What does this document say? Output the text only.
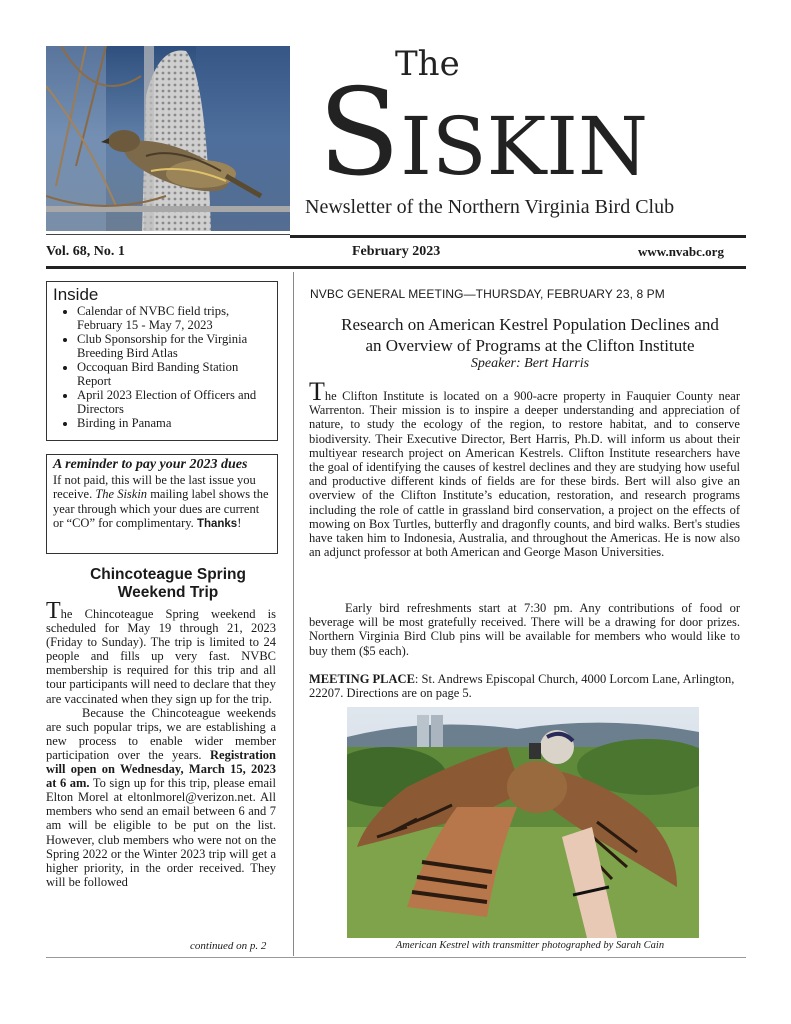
The
SISKIN
Newsletter of the Northern Virginia Bird Club
Vol. 68, No. 1	February 2023	www.nvabc.org
Inside
• Calendar of NVBC field trips, February 15 - May 7, 2023
• Club Sponsorship for the Virginia Breeding Bird Atlas
• Occoquan Bird Banding Station Report
• April 2023 Election of Officers and Directors
• Birding in Panama
A reminder to pay your 2023 dues
If not paid, this will be the last issue you receive. The Siskin mailing label shows the year through which your dues are current or “CO” for complimentary. Thanks!
Chincoteague Spring
Weekend Trip

The Chincoteague Spring weekend is scheduled for May 19 through 21, 2023 (Friday to Sunday). The trip is limited to 24 people and fills up very fast. NVBC membership is required for this trip and all tour participants will need to declare that they are vaccinated when they sign up for the trip.

Because the Chincoteague weekends are such popular trips, we are establishing a new process to enable wider member participation over the years. Registration will open on Wednesday, March 15, 2023 at 6 am. To sign up for this trip, please email Elton Morel at eltonlmorel@verizon.net. All members who send an email between 6 and 7 am will be eligible to be put on the list. However, club members who were not on the Spring 2022 or the Winter 2023 trip will get a higher priority, in the order received. They will be followed

continued on p. 2
NVBC GENERAL MEETING—THURSDAY, FEBRUARY 23, 8 PM
Research on American Kestrel Population Declines and
an Overview of Programs at the Clifton Institute
Speaker: Bert Harris

The Clifton Institute is located on a 900-acre property in Fauquier County near Warrenton. Their mission is to inspire a deeper understanding and appreciation of nature, to study the ecology of the region, to restore habitat, and to conserve biodiversity. Their Executive Director, Bert Harris, Ph.D. will inform us about their multiyear research project on American Kestrels. Clifton Institute researchers have the goal of identifying the causes of kestrel declines and they are studying how useful and productive different kinds of fields are for these birds. Bert will also give an overview of the Clifton Institute’s education, restoration, and research programs including the role of cattle in grassland bird conservation, a project on the effects of mowing on Box Turtles, butterfly and dragonfly counts, and bird walks. Bert's studies have taken him to Indonesia, Australia, and throughout the Americas. He is now also an adjunct professor at both American and George Mason Universities.

Early bird refreshments start at 7:30 pm. Any contributions of food or beverage will be most gratefully received. There will be a drawing for door prizes. Northern Virginia Bird Club pins will be available for members who would like to buy them ($5 each).
MEETING PLACE: St. Andrews Episcopal Church, 4000 Lorcom Lane, Arlington, 22207. Directions are on page 5.
American Kestrel with transmitter photographed by Sarah Cain
